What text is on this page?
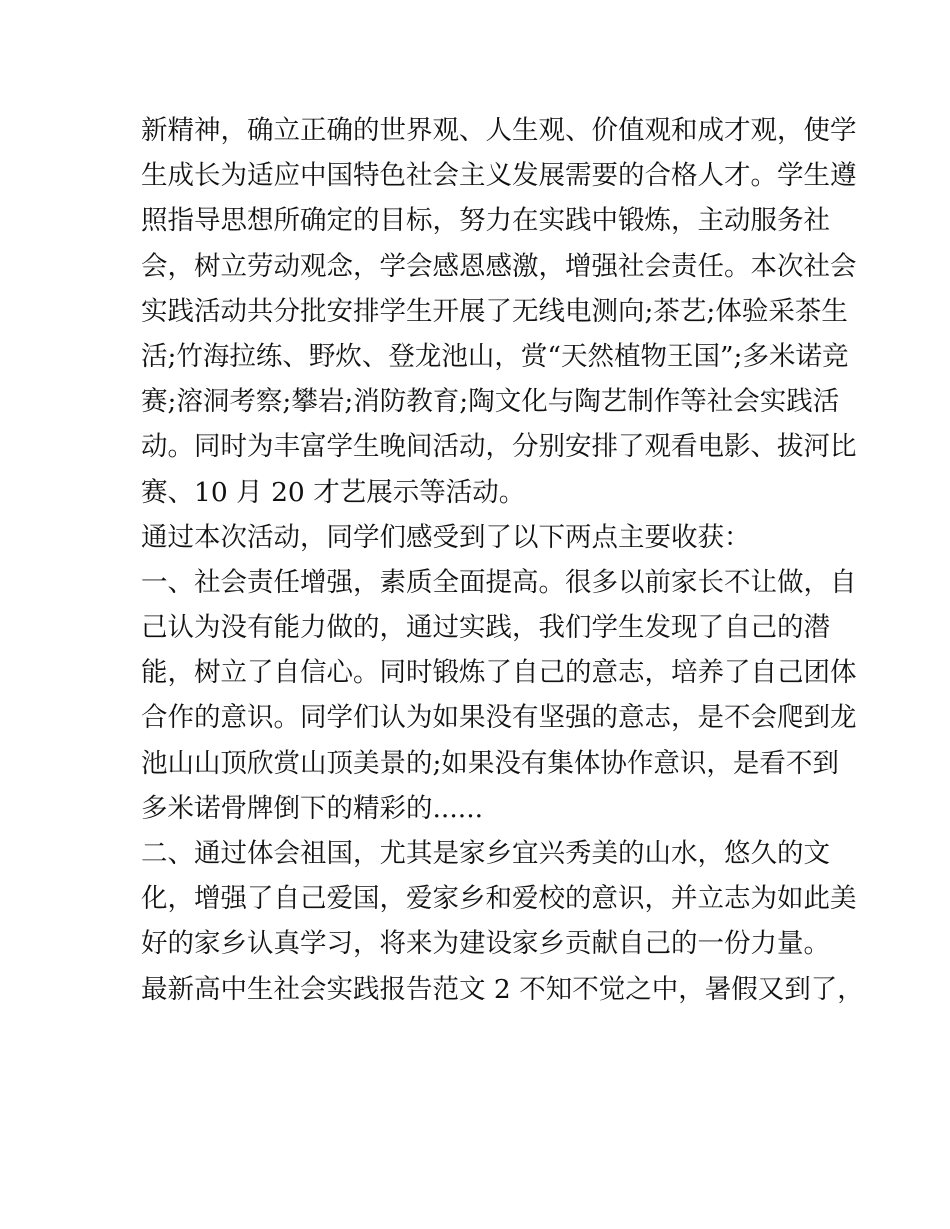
新精神，确立正确的世界观、人生观、价值观和成才观，使学

生成长为适应中国特色社会主义发展需要的合格人才。学生遵

照指导思想所确定的目标，努力在实践中锻炼，主动服务社

会，树立劳动观念，学会感恩感激，增强社会责任。本次社会

实践活动共分批安排学生开展了无线电测向;茶艺;体验采茶生

活;竹海拉练、野炊、登龙池山，赏“天然植物王国”;多米诺竞

赛;溶洞考察;攀岩;消防教育;陶文化与陶艺制作等社会实践活

动。同时为丰富学生晚间活动，分别安排了观看电影、拔河比

赛、10 月 20 才艺展示等活动。

通过本次活动，同学们感受到了以下两点主要收获：

一、社会责任增强，素质全面提高。很多以前家长不让做，自

己认为没有能力做的，通过实践，我们学生发现了自己的潜

能，树立了自信心。同时锻炼了自己的意志，培养了自己团体

合作的意识。同学们认为如果没有坚强的意志，是不会爬到龙

池山山顶欣赏山顶美景的;如果没有集体协作意识，是看不到

多米诺骨牌倒下的精彩的......

二、通过体会祖国，尤其是家乡宜兴秀美的山水，悠久的文

化，增强了自己爱国，爱家乡和爱校的意识，并立志为如此美

好的家乡认真学习，将来为建设家乡贡献自己的一份力量。

最新高中生社会实践报告范文 2 不知不觉之中，暑假又到了，
